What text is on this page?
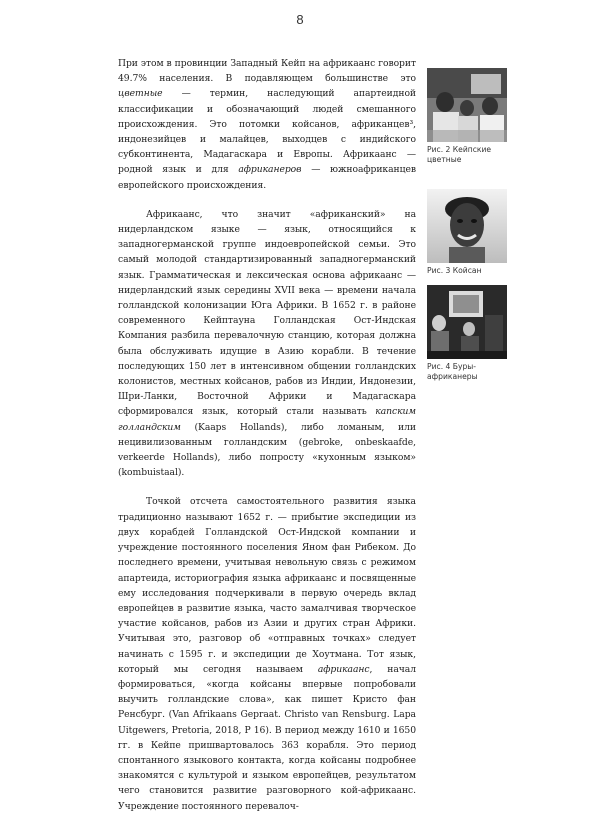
8

При этом в провинции Западный Кейп на африкаанс говорит 49.7% населения. В подавляющем большинстве это цветные — термин, наследующий апартеидной классификации и обозначающий людей смешанного происхождения. Это потомки койсанов, африканцев³, индонезийцев и малайцев, выходцев с индийского субконтинента, Мадагаскара и Европы. Африкаанс — родной язык и для африканеров — южноафриканцев европейского происхождения.

Африкаанс, что значит «африканский» на нидерландском языке — язык, относящийся к западногерманской группе индоевропейской семьи. Это самый молодой стандартизированный западногерманский язык. Грамматическая и лексическая основа африкаанс — нидерландский язык середины XVII века — времени начала голландской колонизации Юга Африки. В 1652 г. в районе современного Кейптауна Голландская Ост-Индская Компания разбила перевалочную станцию, которая должна была обслуживать идущие в Азию корабли. В течение последующих 150 лет в интенсивном общении голландских колонистов, местных койсанов, рабов из Индии, Индонезии, Шри-Ланки, Восточной Африки и Мадагаскара сформировался язык, который стали называть капским голландским (Kaaps Hollands), либо ломаным, или нецивилизованным голландским (gebroke, onbeskaafde, verkeerde Hollands), либо попросту «кухонным языком» (kombuistaal).

Точкой отсчета самостоятельного развития языка традиционно называют 1652 г. — прибытие экспедиции из двух корабдей Голландской Ост-Индской компании и учреждение постоянного поселения Яном фан Рибеком. До последнего времени, учитывая невольную связь с режимом апартеида, историография языка африкаанс и посвященные ему исследования подчеркивали в первую очередь вклад европейцев в развитие языка, часто замалчивая творческое участие койсанов, рабов из Азии и других стран Африки. Учитывая это, разговор об «отправных точках» следует начинать с 1595 г. и экспедиции де Хоутмана. Тот язык, который мы сегодня называем африкаанс, начал формироваться, «когда койсаны впервые попробовали выучить голландские слова», как пишет Кристо фан Ренсбург. (Van Afrikaans Gepraat. Christo van Rensburg. Lapa Uitgewers, Pretoria, 2018, P 16). В период между 1610 и 1650 гг. в Кейпе пришвартовалось 363 корабля. Это период спонтанного языкового контакта, когда койсаны подробнее знакомятся с культурой и языком европейцев, результатом чего становится развитие разговорного кой-африкаанс. Учреждение постоянного перевалоч-

Рис. 2 Кейпские цветные
Рис. 3 Койсан
Рис. 4 Буры-африканеры
